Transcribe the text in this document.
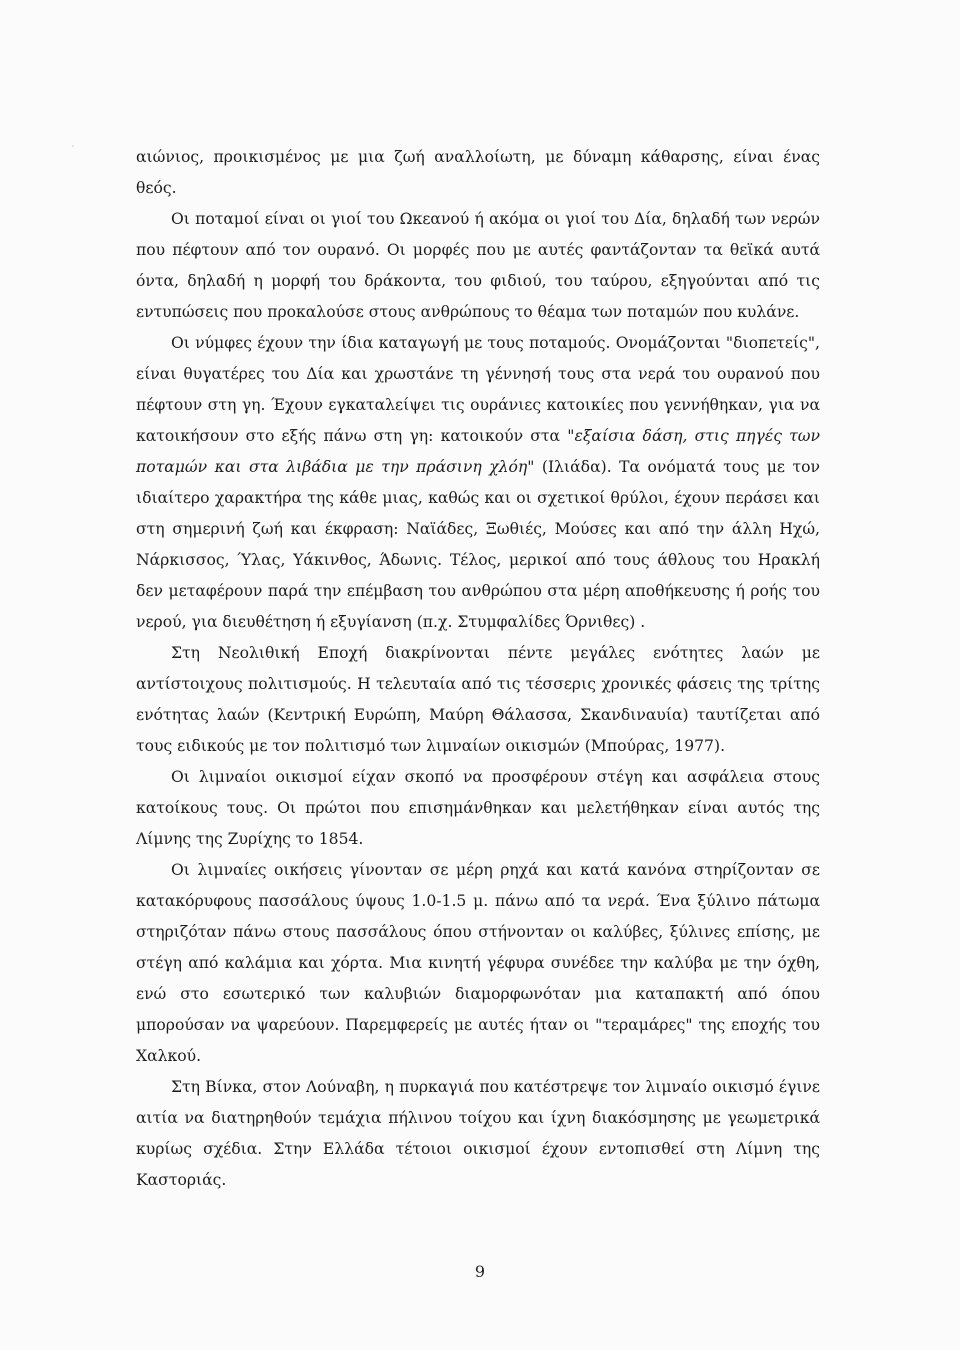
αιώνιος, προικισμένος με μια ζωή αναλλοίωτη, με δύναμη κάθαρσης, είναι ένας θεός.

Οι ποταμοί είναι οι γιοί του Ωκεανού ή ακόμα οι γιοί του Δία, δηλαδή των νερών που πέφτουν από τον ουρανό. Οι μορφές που με αυτές φαντάζονταν τα θεϊκά αυτά όντα, δηλαδή η μορφή του δράκοντα, του φιδιού, του ταύρου, εξηγούνται από τις εντυπώσεις που προκαλούσε στους ανθρώπους το θέαμα των ποταμών που κυλάνε.

Οι νύμφες έχουν την ίδια καταγωγή με τους ποταμούς. Ονομάζονται "διοπετείς", είναι θυγατέρες του Δία και χρωστάνε τη γέννησή τους στα νερά του ουρανού που πέφτουν στη γη. Έχουν εγκαταλείψει τις ουράνιες κατοικίες που γεννήθηκαν, για να κατοικήσουν στο εξής πάνω στη γη: κατοικούν στα "εξαίσια δάση, στις πηγές των ποταμών και στα λιβάδια με την πράσινη χλόη" (Ιλιάδα). Τα ονόματά τους με τον ιδιαίτερο χαρακτήρα της κάθε μιας, καθώς και οι σχετικοί θρύλοι, έχουν περάσει και στη σημερινή ζωή και έκφραση: Ναϊάδες, Ξωθιές, Μούσες και από την άλλη Ηχώ, Νάρκισσος, Ύλας, Υάκινθος, Άδωνις. Τέλος, μερικοί από τους άθλους του Ηρακλή δεν μεταφέρουν παρά την επέμβαση του ανθρώπου στα μέρη αποθήκευσης ή ροής του νερού, για διευθέτηση ή εξυγίανση (π.χ. Στυμφαλίδες Όρνιθες) .

Στη Νεολιθική Εποχή διακρίνονται πέντε μεγάλες ενότητες λαών με αντίστοιχους πολιτισμούς. Η τελευταία από τις τέσσερις χρονικές φάσεις της τρίτης ενότητας λαών (Κεντρική Ευρώπη, Μαύρη Θάλασσα, Σκανδιναυία) ταυτίζεται από τους ειδικούς με τον πολιτισμό των λιμναίων οικισμών (Μπούρας, 1977).

Οι λιμναίοι οικισμοί είχαν σκοπό να προσφέρουν στέγη και ασφάλεια στους κατοίκους τους. Οι πρώτοι που επισημάνθηκαν και μελετήθηκαν είναι αυτός της Λίμνης της Ζυρίχης το 1854.

Οι λιμναίες οικήσεις γίνονταν σε μέρη ρηχά και κατά κανόνα στηρίζονταν σε κατακόρυφους πασσάλους ύψους 1.0-1.5 μ. πάνω από τα νερά. Ένα ξύλινο πάτωμα στηριζόταν πάνω στους πασσάλους όπου στήνονταν οι καλύβες, ξύλινες επίσης, με στέγη από καλάμια και χόρτα. Μια κινητή γέφυρα συνέδεε την καλύβα με την όχθη, ενώ στο εσωτερικό των καλυβιών διαμορφωνόταν μια καταπακτή από όπου μπορούσαν να ψαρεύουν. Παρεμφερείς με αυτές ήταν οι "τεραμάρες" της εποχής του Χαλκού.

Στη Βίνκα, στον Λούναβη, η πυρκαγιά που κατέστρεψε τον λιμναίο οικισμό έγινε αιτία να διατηρηθούν τεμάχια πήλινου τοίχου και ίχνη διακόσμησης με γεωμετρικά κυρίως σχέδια. Στην Ελλάδα τέτοιοι οικισμοί έχουν εντοπισθεί στη Λίμνη της Καστοριάς.

9
